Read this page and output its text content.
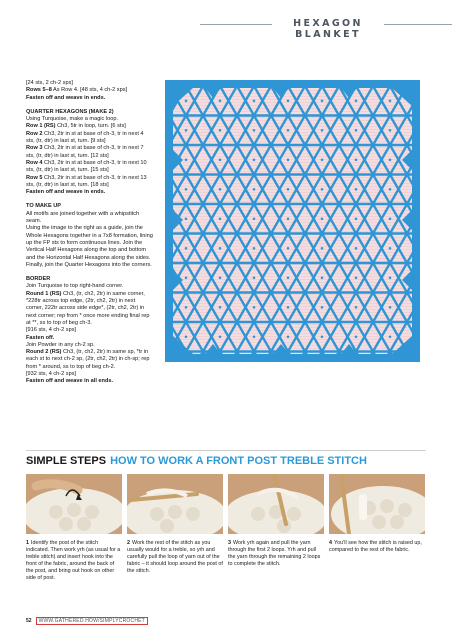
HEXAGON BLANKET

[24 sts, 2 ch-2 sps]

Rows 5–8 As Row 4. [48 sts, 4 ch-2 sps]

Fasten off and weave in ends.

QUARTER HEXAGONS (MAKE 2)

Using Turquoise, make a magic loop.

Row 1 (RS) Ch3, 5tr in loop, turn. [6 sts]

Row 2 Ch3, 2tr in st at base of ch-3, tr in next 4 sts, (tr, dtr) in last st, turn. [9 sts]

Row 3 Ch3, 2tr in st at base of ch-3, tr in next 7 sts, (tr, dtr) in last st, turn. [12 sts]

Row 4 Ch3, 2tr in st at base of ch-3, tr in next 10 sts, (tr, dtr) in last st, turn. [15 sts]

Row 5 Ch3, 2tr in st at base of ch-3, tr in next 13 sts, (tr, dtr) in last st, turn. [18 sts]

Fasten off and weave in ends.

TO MAKE UP

All motifs are joined together with a whipstitch seam.

Using the image to the right as a guide, join the Whole Hexagons together in a 7x8 formation, lining up the FP sts to form continuous lines. Join the Vertical Half Hexagons along the top and bottom and the Horizontal Half Hexagons along the sides. Finally, join the Quarter Hexagons into the corners.

BORDER

Join Turquoise to top right-hand corner.

Round 1 (RS) Ch3, (tr, ch2, 2tr) in same corner, *228tr across top edge, (2tr, ch2, 2tr) in next corner, 222tr across side edge*, (2tr, ch2, 2tr) in next corner; rep from * once more ending final rep at **, ss to top of beg ch-3.

[916 sts, 4 ch-2 sps]

Fasten off.

Join Powder in any ch-2 sp.

Round 2 (RS) Ch3, (tr, ch2, 2tr) in same sp, *tr in each st to next ch-2 sp, (2tr, ch2, 2tr) in ch-sp; rep from * around, ss to top of beg ch-2.

[932 sts, 4 ch-2 sps]

Fasten off and weave in all ends.

SIMPLE STEPS HOW TO WORK A FRONT POST TREBLE STITCH
1 Identify the post of the stitch indicated. Then work yrh (as usual for a treble stitch) and insert hook into the front of the fabric, around the back of the post, and bring out hook on other side of post.
2 Work the rest of the stitch as you usually would for a treble, so yrh and carefully pull the loop of yarn out of the fabric – it should loop around the post of the stitch.
3 Work yrh again and pull the yarn through the first 2 loops. Yrh and pull the yarn through the remaining 2 loops to complete the stitch.
4 You’ll see how the stitch is raised up, compared to the rest of the fabric.
52 WWW.GATHERED.HOW/SIMPLYCROCHET
